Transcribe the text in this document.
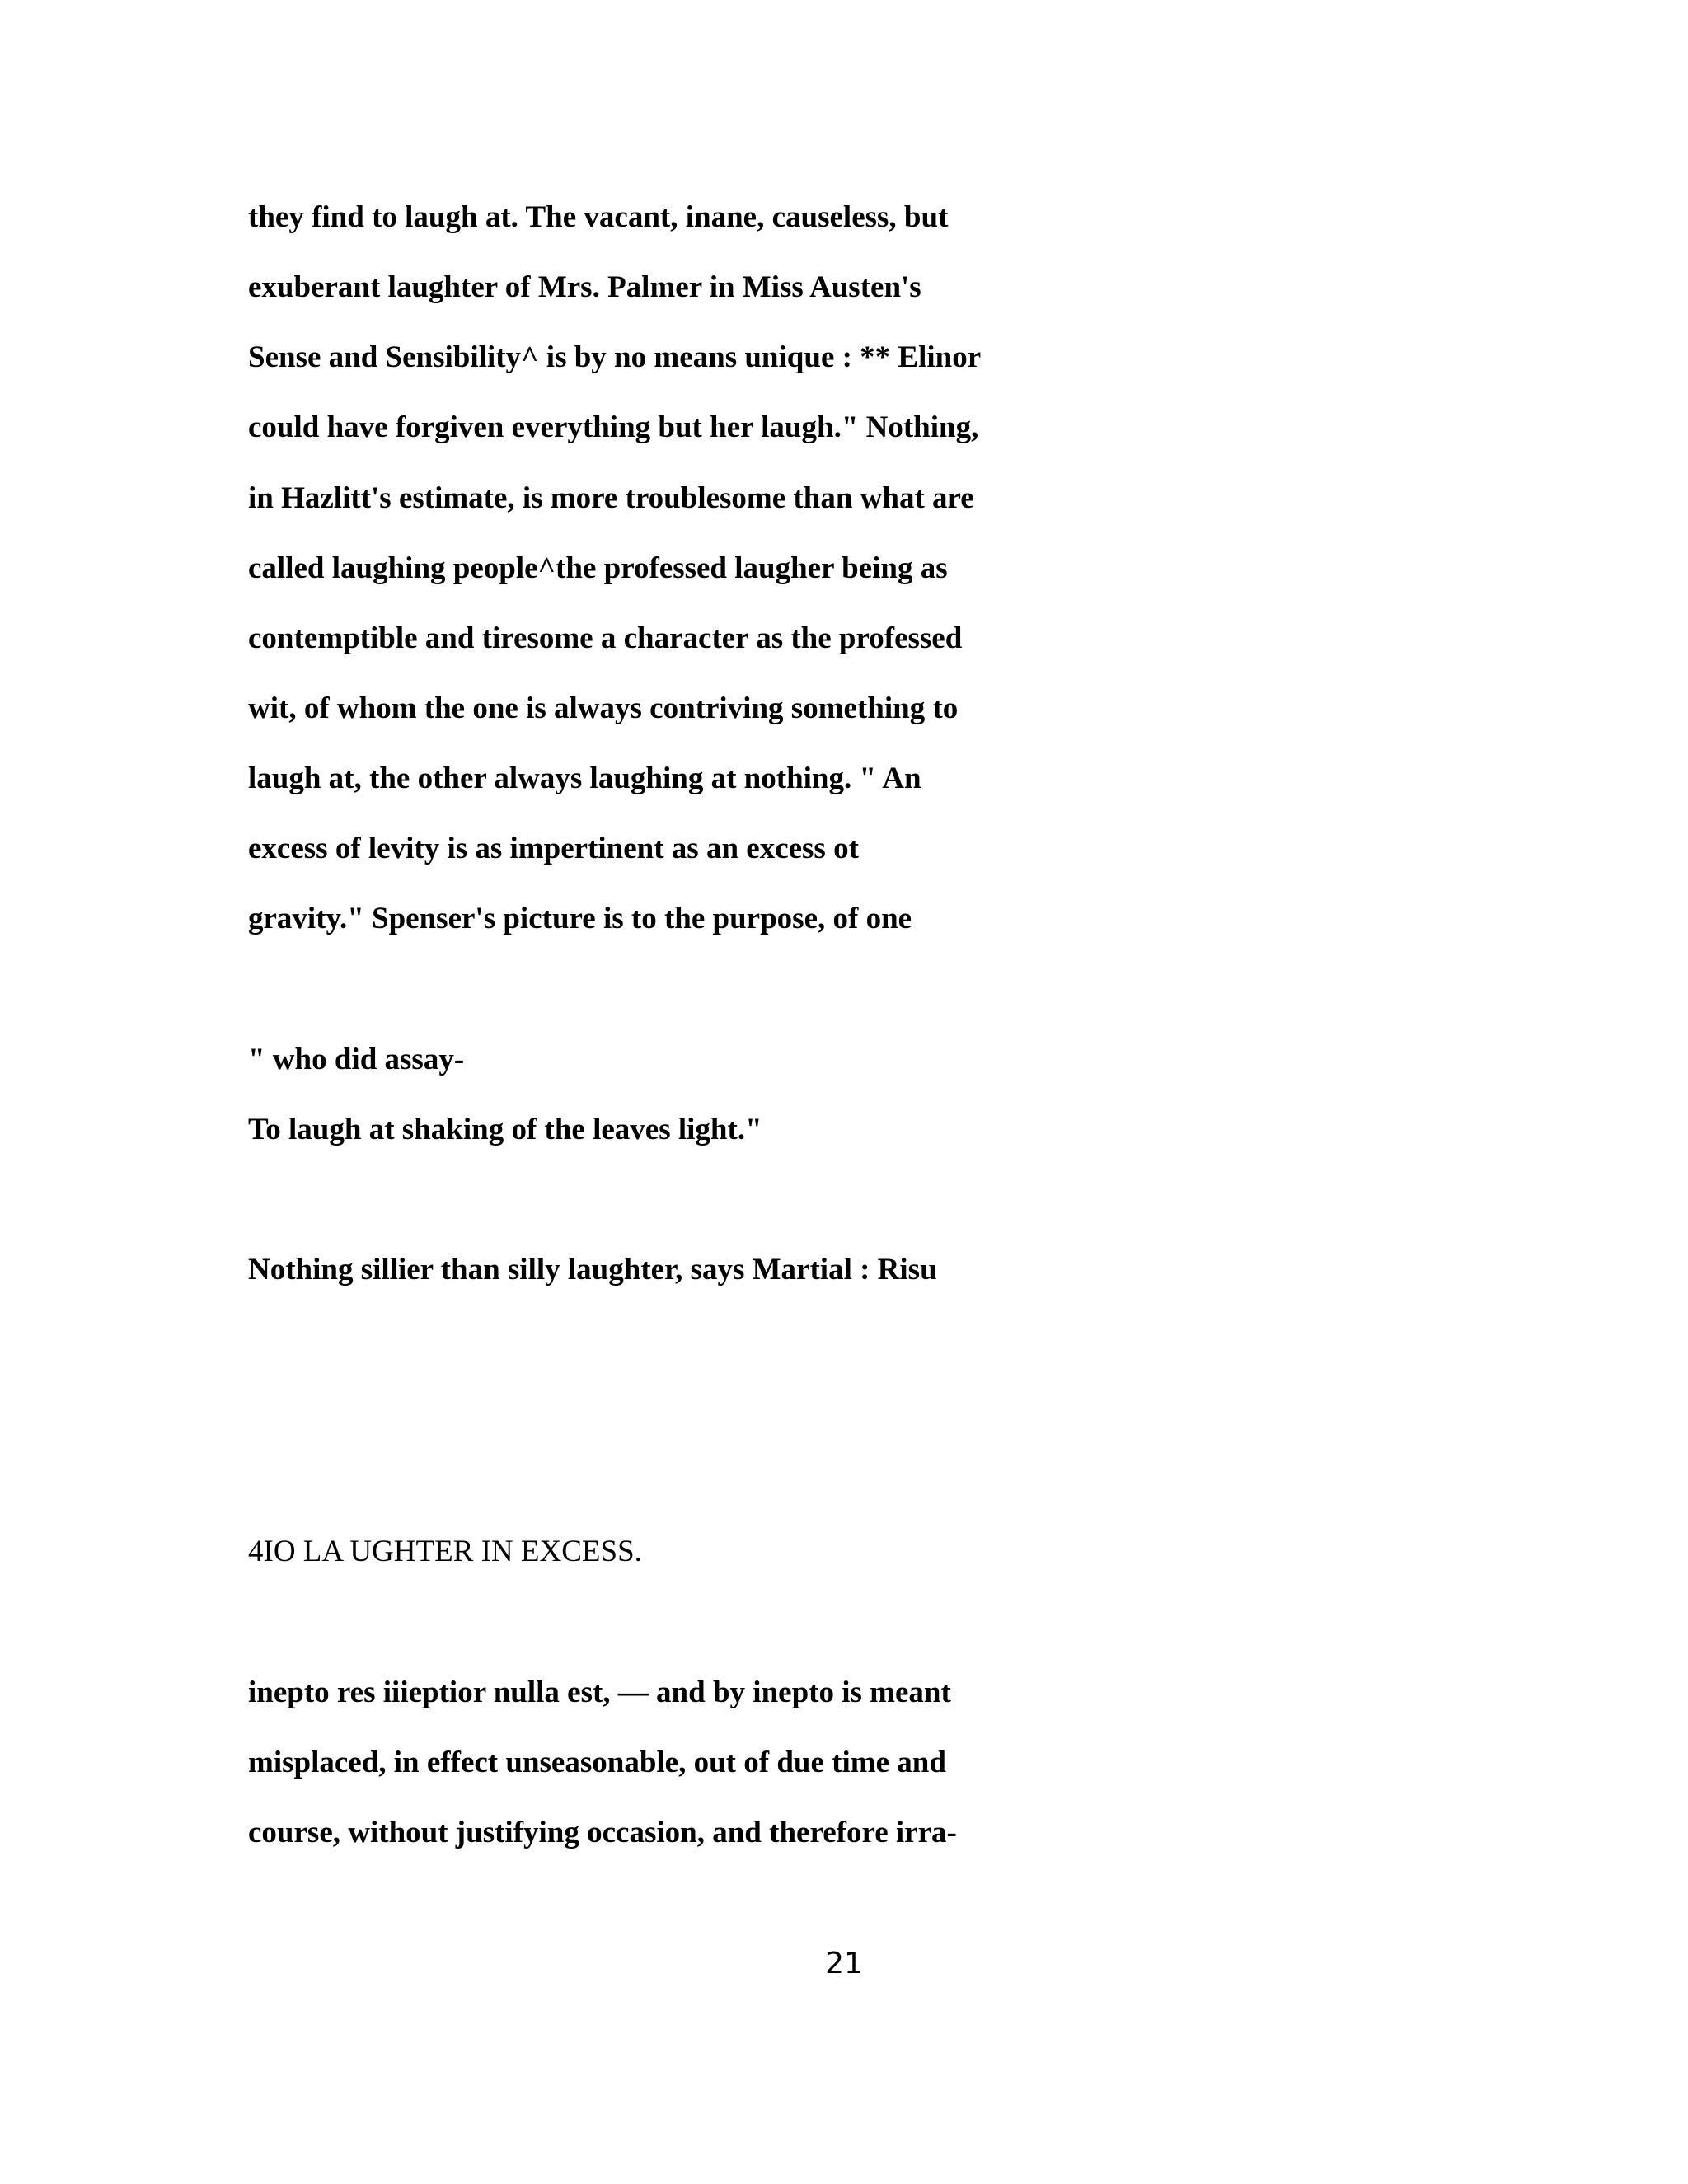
they find to laugh at. The vacant, inane, causeless, but

exuberant laughter of Mrs. Palmer in Miss Austen's

Sense and Sensibility^ is by no means unique : ** Elinor

could have forgiven everything but her laugh." Nothing,

in Hazlitt's estimate, is more troublesome than what are

called laughing people^the professed laugher being as

contemptible and tiresome a character as the professed

wit, of whom the one is always contriving something to

laugh at, the other always laughing at nothing. " An

excess of levity is as impertinent as an excess ot

gravity." Spenser's picture is to the purpose, of one

" who did assay-

To laugh at shaking of the leaves light."

Nothing sillier than silly laughter, says Martial : Risu

4IO LA UGHTER IN EXCESS.

inepto res iiieptior nulla est, — and by inepto is meant

misplaced, in effect unseasonable, out of due time and

course, without justifying occasion, and therefore irra-

21
